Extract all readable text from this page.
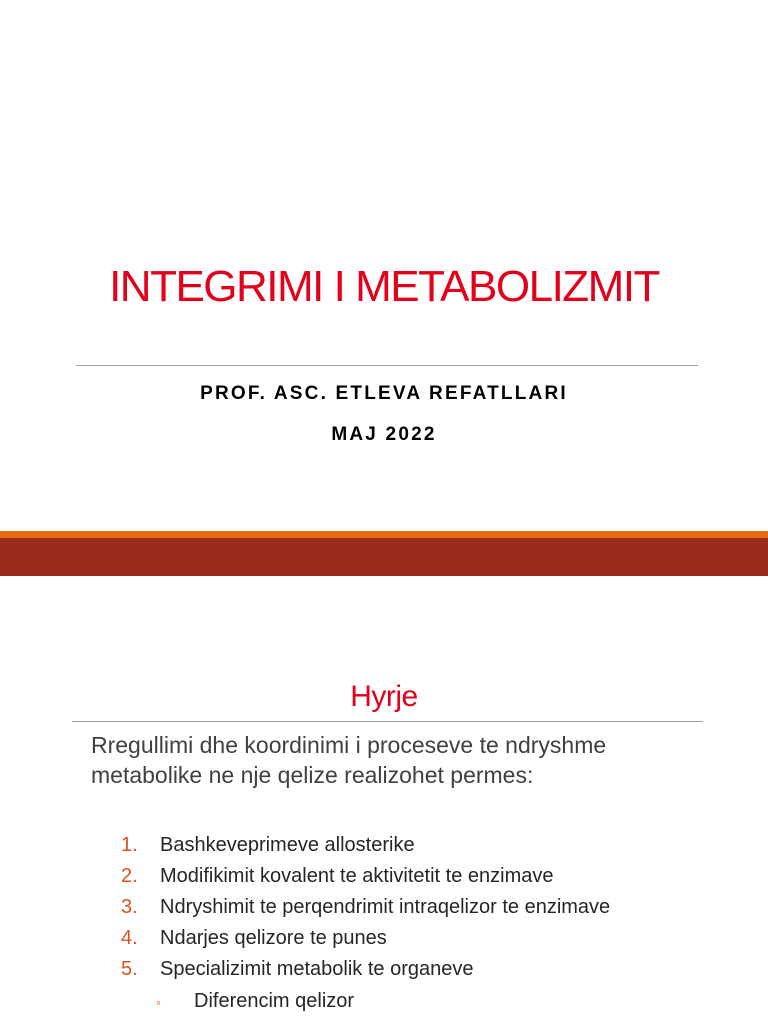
INTEGRIMI I METABOLIZMIT
PROF. ASC. ETLEVA REFATLLARI
MAJ 2022
Hyrje

Rregullimi dhe koordinimi i proceseve te ndryshme

metabolike ne nje qelize realizohet permes:

1. Bashkeveprimeve allosterike
2. Modifikimit kovalent te aktivitetit te enzimave
3. Ndryshimit te perqendrimit intraqelizor te enzimave
4. Ndarjes qelizore te punes
5. Specializimit metabolik te organeve
◦ Diferencim qelizor
